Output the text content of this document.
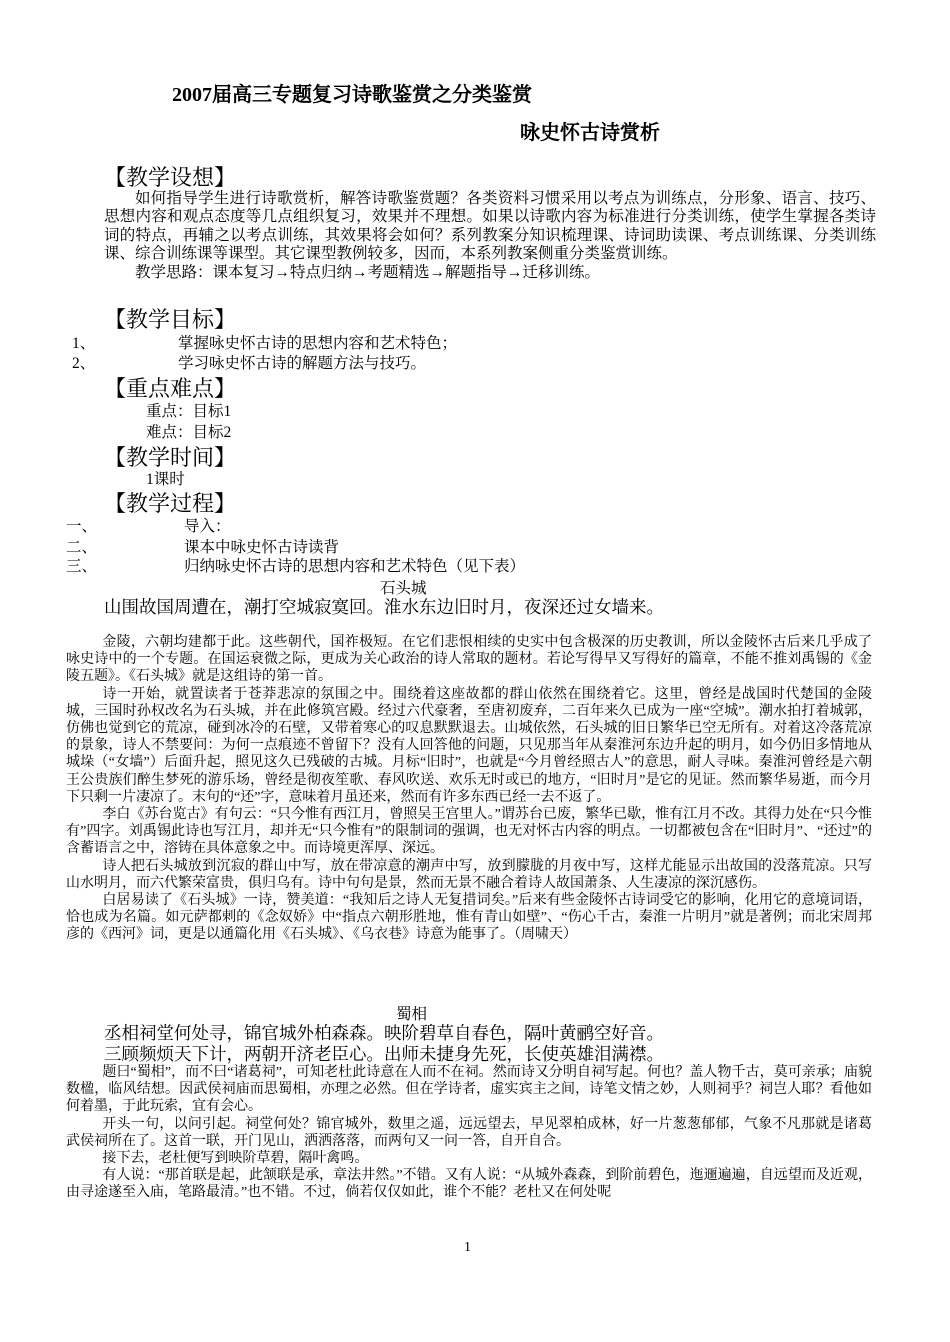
2007届高三专题复习诗歌鉴赏之分类鉴赏
咏史怀古诗赏析
【教学设想】

如何指导学生进行诗歌赏析，解答诗歌鉴赏题？各类资料习惯采用以考点为训练点，分形象、语言、技巧、思想内容和观点态度等几点组织复习，效果并不理想。如果以诗歌内容为标准进行分类训练，使学生掌握各类诗词的特点，再辅之以考点训练，其效果将会如何？系列教案分知识梳理课、诗词助读课、考点训练课、分类训练课、综合训练课等课型。其它课型教例较多，因而，本系列教案侧重分类鉴赏训练。

教学思路：课本复习→特点归纳→考题精选→解题指导→迁移训练。

【教学目标】
1、	掌握咏史怀古诗的思想内容和艺术特色；
2、	学习咏史怀古诗的解题方法与技巧。
【重点难点】
重点：目标1
难点：目标2
【教学时间】
1课时
【教学过程】
一、	导入：
二、	课本中咏史怀古诗读背
三、	归纳咏史怀古诗的思想内容和艺术特色（见下表）
石头城
山围故国周遭在，潮打空城寂寞回。淮水东边旧时月，夜深还过女墙来。

金陵，六朝均建都于此。这些朝代，国祚极短。在它们悲恨相续的史实中包含极深的历史教训，所以金陵怀古后来几乎成了咏史诗中的一个专题。在国运衰微之际，更成为关心政治的诗人常取的题材。若论写得早又写得好的篇章，不能不推刘禹锡的《金陵五题》。《石头城》就是这组诗的第一首。

诗一开始，就置读者于苍莽悲凉的氛围之中。围绕着这座故都的群山依然在围绕着它。这里，曾经是战国时代楚国的金陵城，三国时孙权改名为石头城，并在此修筑宫殿。经过六代豪奢，至唐初废弃，二百年来久已成为一座“空城”。潮水拍打着城郭，仿佛也觉到它的荒凉，碰到冰冷的石壁，又带着寒心的叹息默默退去。山城依然，石头城的旧日繁华已空无所有。对着这冷落荒凉的景象，诗人不禁要问：为何一点痕迹不曾留下？没有人回答他的问题，只见那当年从秦淮河东边升起的明月，如今仍旧多情地从城垛（“女墙”）后面升起，照见这久已残破的古城。月标“旧时”，也就是“今月曾经照古人”的意思，耐人寻味。秦淮河曾经是六朝王公贵族们醉生梦死的游乐场，曾经是彻夜笙歌、春风吹送、欢乐无时或已的地方，“旧时月”是它的见证。然而繁华易逝，而今月下只剩一片凄凉了。末句的“还”字，意味着月虽还来，然而有许多东西已经一去不返了。

李白《苏台览古》有句云：“只今惟有西江月，曾照吴王宫里人。”谓苏台已废，繁华已歇，惟有江月不改。其得力处在“只今惟有”四字。刘禹锡此诗也写江月，却并无“只今惟有”的限制词的强调，也无对怀古内容的明点。一切都被包含在“旧时月”、“还过”的含蓄语言之中，溶铸在具体意象之中。而诗境更浑厚、深远。

诗人把石头城放到沉寂的群山中写，放在带凉意的潮声中写，放到朦胧的月夜中写，这样尤能显示出故国的没落荒凉。只写山水明月，而六代繁荣富贵，俱归乌有。诗中句句是景，然而无景不融合着诗人故国萧条、人生凄凉的深沉感伤。

白居易读了《石头城》一诗，赞美道：“我知后之诗人无复措词矣。”后来有些金陵怀古诗词受它的影响，化用它的意境词语，恰也成为名篇。如元萨都剌的《念奴娇》中“指点六朝形胜地，惟有青山如壁”、“伤心千古，秦淮一片明月”就是著例；而北宋周邦彦的《西河》词，更是以通篇化用《石头城》、《乌衣巷》诗意为能事了。（周啸天）

蜀相
丞相祠堂何处寻，锦官城外柏森森。映阶碧草自春色，隔叶黄鹂空好音。
三顾频烦天下计，两朝开济老臣心。出师未捷身先死，长使英雄泪满襟。

题曰“蜀相”，而不曰“诸葛祠”，可知老杜此诗意在人而不在祠。然而诗又分明自祠写起。何也？盖人物千古，莫可亲承；庙貌数楹，临风结想。因武侯祠庙而思蜀相，亦理之必然。但在学诗者，虚实宾主之间，诗笔文情之妙，人则祠乎？祠岂人耶？看他如何着墨，于此玩索，宜有会心。

开头一句，以问引起。祠堂何处？锦官城外，数里之遥，远远望去，早见翠柏成林，好一片葱葱郁郁，气象不凡那就是诸葛武侯祠所在了。这首一联，开门见山，洒洒落落，而两句又一问一答，自开自合。

接下去，老杜便写到映阶草碧，隔叶禽鸣。

有人说：“那首联是起，此颔联是承，章法井然。”不错。又有人说：“从城外森森，到阶前碧色，迤逦遍遍，自远望而及近观，由寻途遂至入庙，笔路最清。”也不错。不过，倘若仅仅如此，谁个不能？老杜又在何处呢

1
